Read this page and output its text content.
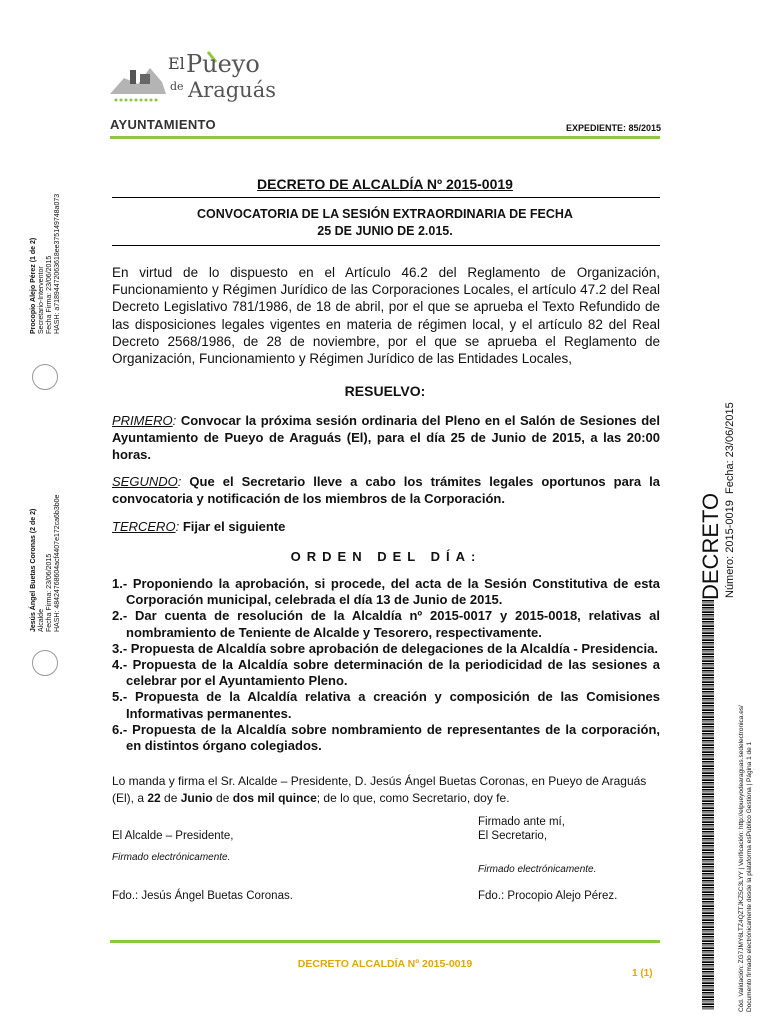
El Pueyo
de Araguás
AYUNTAMIENTO	EXPEDIENTE: 85/2015
DECRETO DE ALCALDÍA Nº 2015-0019
CONVOCATORIA DE LA SESIÓN EXTRAORDINARIA DE FECHA
25 DE JUNIO DE 2.015.
En virtud de lo dispuesto en el Artículo 46.2 del Reglamento de Organización, Funcionamiento y Régimen Jurídico de las Corporaciones Locales, el artículo 47.2 del Real Decreto Legislativo 781/1986, de 18 de abril, por el que se aprueba el Texto Refundido de las disposiciones legales vigentes en materia de régimen local, y el artículo 82 del Real Decreto 2568/1986, de 28 de noviembre, por el que se aprueba el Reglamento de Organización, Funcionamiento y Régimen Jurídico de las Entidades Locales,
RESUELVO:
PRIMERO: Convocar la próxima sesión ordinaria del Pleno en el Salón de Sesiones del Ayuntamiento de Pueyo de Araguás (El), para el día 25 de Junio de 2015, a las 20:00 horas.
SEGUNDO: Que el Secretario lleve a cabo los trámites legales oportunos para la convocatoria y notificación de los miembros de la Corporación.
TERCERO: Fijar el siguiente
ORDEN DEL DÍA:
1.- Proponiendo la aprobación, si procede, del acta de la Sesión Constitutiva de esta Corporación municipal, celebrada el día 13 de Junio de 2015.
2.- Dar cuenta de resolución de la Alcaldía nº 2015-0017 y 2015-0018, relativas al nombramiento de Teniente de Alcalde y Tesorero, respectivamente.
3.- Propuesta de Alcaldía sobre aprobación de delegaciones de la Alcaldía - Presidencia.
4.- Propuesta de la Alcaldía sobre determinación de la periodicidad de las sesiones a celebrar por el Ayuntamiento Pleno.
5.- Propuesta de la Alcaldía relativa a creación y composición de las Comisiones Informativas permanentes.
6.- Propuesta de la Alcaldía sobre nombramiento de representantes de la corporación, en distintos órgano colegiados.
Lo manda y firma el Sr. Alcalde – Presidente, D. Jesús Ángel Buetas Coronas, en Pueyo de Araguás (El), a 22 de Junio de dos mil quince; de lo que, como Secretario, doy fe.
El Alcalde – Presidente,
Firmado electrónicamente.
Fdo.: Jesús Ángel Buetas Coronas.
Firmado ante mí,
El Secretario,
Firmado electrónicamente.
Fdo.: Procopio Alejo Pérez.
DECRETO ALCALDÍA Nº 2015-0019
1 (1)
Procopio Alejo Pérez (1 de 2) Secretario-Interventor Fecha Firma: 23/06/2015 HASH: a71894472063618ee375149748a073
Jesús Ángel Buetas Coronas (2 de 2) Alcalde Fecha Firma: 23/06/2015 HASH: 48424768604acf4407e172ca6b3b0e	DECRETO Número: 2015-0019
Fecha: 23/06/2015
Cód. Validación: ZG7JMY6LTZ4QZTJKZ5C3LYY | Verificación: http://elpueyodearaguas.sedelectronica.es/ Documento firmado electrónicamente desde la plataforma esPublico Gestiona | Página 1 de 1
